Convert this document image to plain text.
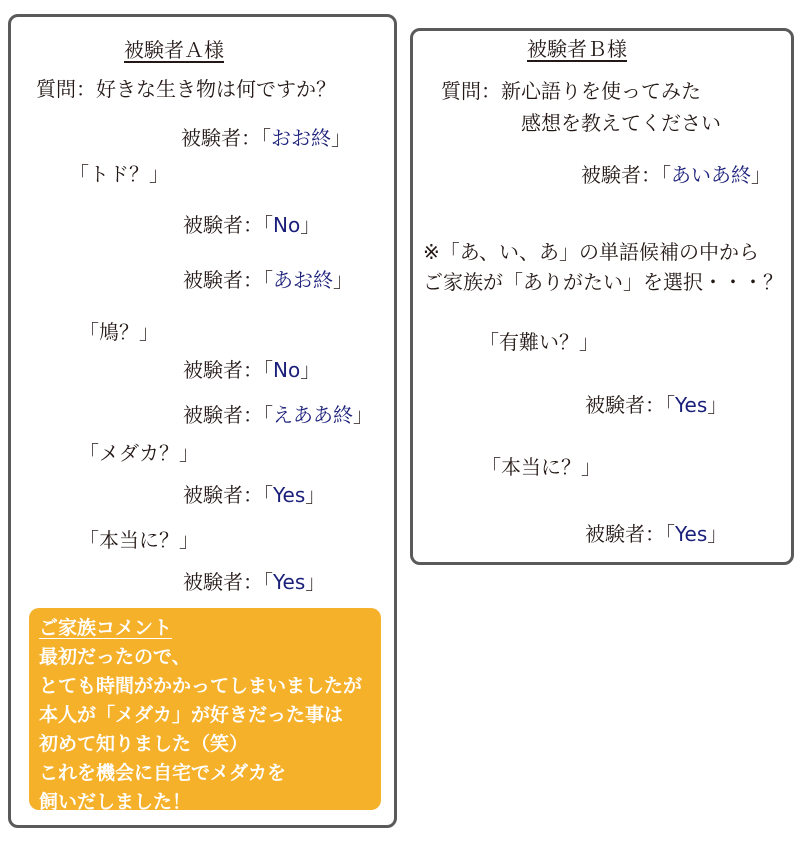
被験者Ａ様
質問：好きな生き物は何ですか？
被験者：「おお終」
「トド？」
被験者：「No」
被験者：「あお終」
「鳩？」
被験者：「No」
被験者：「えああ終」
「メダカ？」
被験者：「Yes」
「本当に？」
被験者：「Yes」
ご家族コメント
最初だったので、
とても時間がかかってしまいましたが
本人が「メダカ」が好きだった事は
初めて知りました（笑）
これを機会に自宅でメダカを
飼いだしました！
被験者Ｂ様
質問：新心語りを使ってみた
感想を教えてください
被験者：「あいあ終」
※「あ、い、あ」の単語候補の中から
ご家族が「ありがたい」を選択・・・？
「有難い？」
被験者：「Yes」
「本当に？」
被験者：「Yes」
